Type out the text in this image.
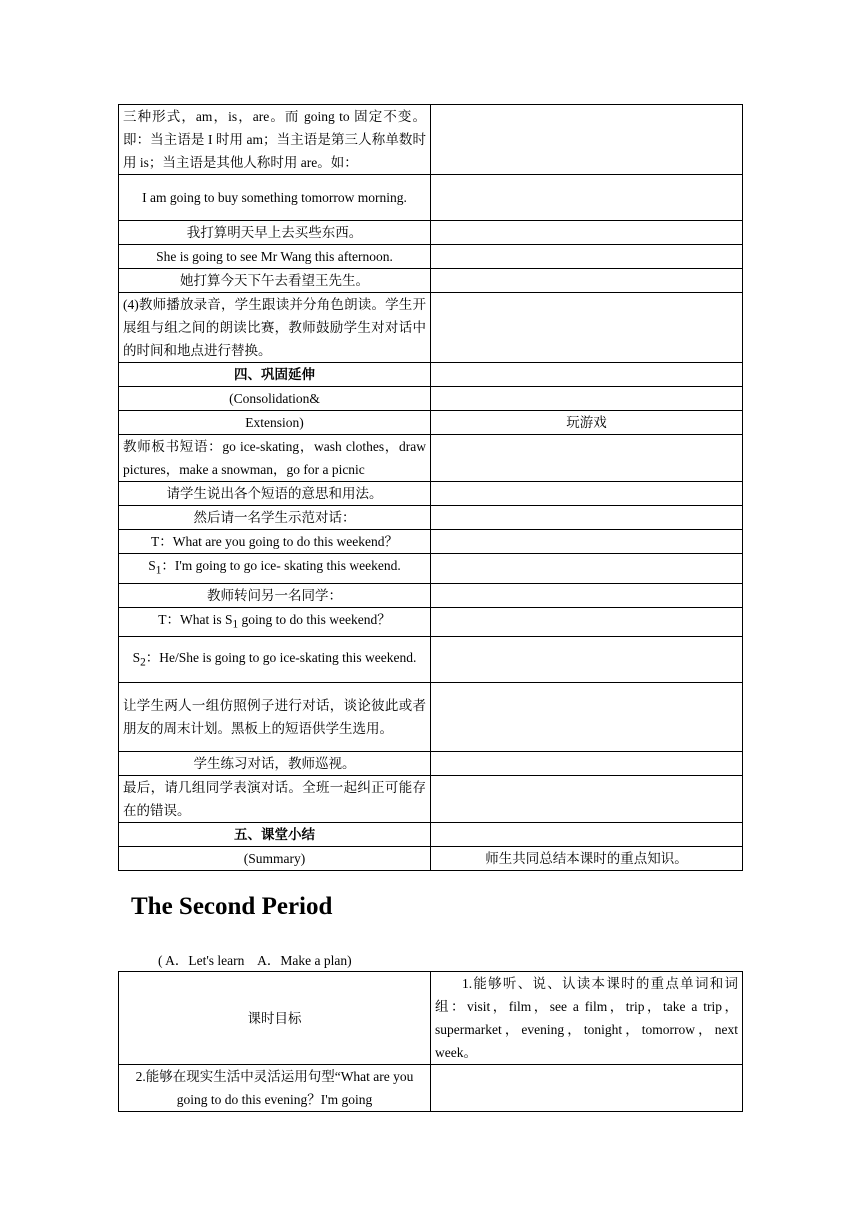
三种形式，am，is，are。而 going to 固定不变。即：当主语是 I 时用 am；当主语是第三人称单数时用 is；当主语是其他人称时用 are。如：	
I am going to buy something tomorrow morning.	
我打算明天早上去买些东西。	
She is going to see Mr Wang this afternoon.	
她打算今天下午去看望王先生。	
(4)教师播放录音，学生跟读并分角色朗读。学生开展组与组之间的朗读比赛，教师鼓励学生对对话中的时间和地点进行替换。	
四、巩固延伸	
(Consolidation&	
Extension)	玩游戏
教师板书短语：go ice-skating，wash clothes，draw pictures，make a snowman，go for a picnic	
请学生说出各个短语的意思和用法。	
然后请一名学生示范对话：	
T：What are you going to do this weekend？	
$S_1$：I'm going to go ice- skating this weekend.	
教师转问另一名同学：	
T：What is $S_1$ going to do this weekend？	
$S_2$：He/She is going to go ice-skating this weekend.	
让学生两人一组仿照例子进行对话，谈论彼此或者朋友的周末计划。黑板上的短语供学生选用。	
学生练习对话，教师巡视。	
最后，请几组同学表演对话。全班一起纠正可能存在的错误。	
五、课堂小结	
(Summary)	师生共同总结本课时的重点知识。
The Second Period
( A．Let's learn    A．Make a plan)
课时目标	1.能够听、说、认读本课时的重点单词和词组：visit，film，see a film，trip，take a trip，supermarket，evening，tonight，tomorrow，next week。
2.能够在现实生活中灵活运用句型“What are you going to do this evening？I'm going	
